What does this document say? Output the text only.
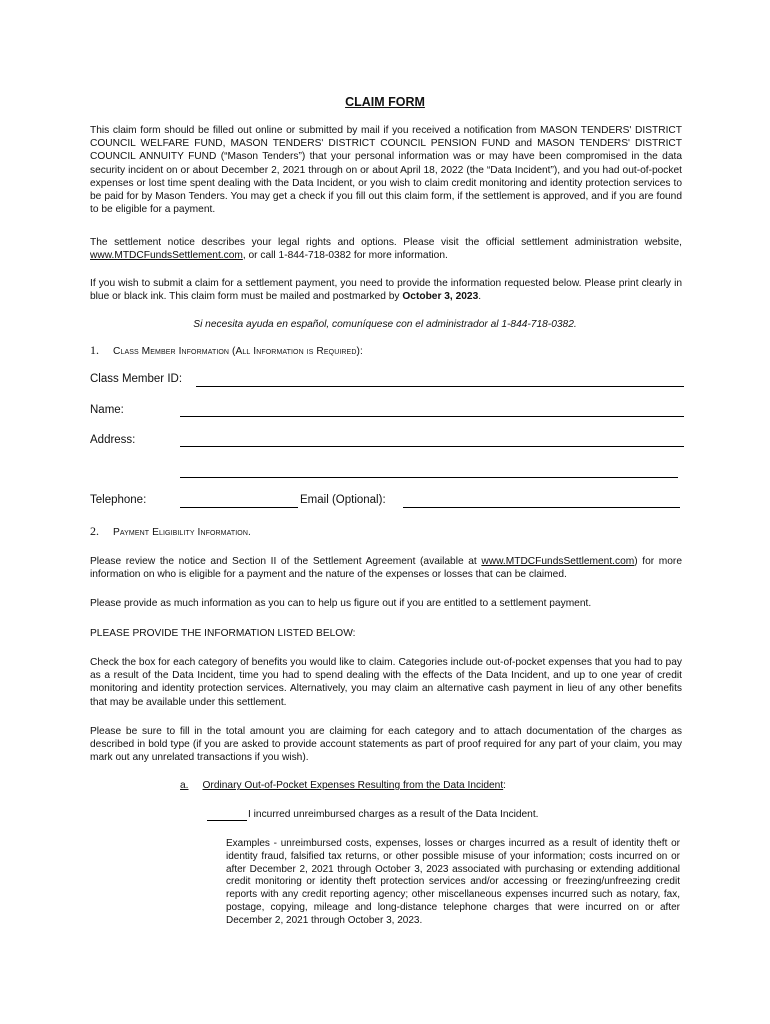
CLAIM FORM
This claim form should be filled out online or submitted by mail if you received a notification from MASON TENDERS' DISTRICT COUNCIL WELFARE FUND, MASON TENDERS' DISTRICT COUNCIL PENSION FUND and MASON TENDERS' DISTRICT COUNCIL ANNUITY FUND (“Mason Tenders”) that your personal information was or may have been compromised in the data security incident on or about December 2, 2021 through on or about April 18, 2022 (the “Data Incident”), and you had out-of-pocket expenses or lost time spent dealing with the Data Incident, or you wish to claim credit monitoring and identity protection services to be paid for by Mason Tenders. You may get a check if you fill out this claim form, if the settlement is approved, and if you are found to be eligible for a payment.
The settlement notice describes your legal rights and options. Please visit the official settlement administration website, www.MTDCFundsSettlement.com, or call 1-844-718-0382 for more information.
If you wish to submit a claim for a settlement payment, you need to provide the information requested below. Please print clearly in blue or black ink. This claim form must be mailed and postmarked by October 3, 2023.
Si necesita ayuda en español, comuníquese con el administrador al 1-844-718-0382.
1. Class Member Information (All Information is Required):
Class Member ID:
Name:
Address:
Telephone:	Email (Optional):
2. Payment Eligibility Information.
Please review the notice and Section II of the Settlement Agreement (available at www.MTDCFundsSettlement.com) for more information on who is eligible for a payment and the nature of the expenses or losses that can be claimed.
Please provide as much information as you can to help us figure out if you are entitled to a settlement payment.
PLEASE PROVIDE THE INFORMATION LISTED BELOW:
Check the box for each category of benefits you would like to claim. Categories include out-of-pocket expenses that you had to pay as a result of the Data Incident, time you had to spend dealing with the effects of the Data Incident, and up to one year of credit monitoring and identity protection services. Alternatively, you may claim an alternative cash payment in lieu of any other benefits that may be available under this settlement.
Please be sure to fill in the total amount you are claiming for each category and to attach documentation of the charges as described in bold type (if you are asked to provide account statements as part of proof required for any part of your claim, you may mark out any unrelated transactions if you wish).
a. Ordinary Out-of-Pocket Expenses Resulting from the Data Incident:
I incurred unreimbursed charges as a result of the Data Incident.
Examples - unreimbursed costs, expenses, losses or charges incurred as a result of identity theft or identity fraud, falsified tax returns, or other possible misuse of your information; costs incurred on or after December 2, 2021 through October 3, 2023 associated with purchasing or extending additional credit monitoring or identity theft protection services and/or accessing or freezing/unfreezing credit reports with any credit reporting agency; other miscellaneous expenses incurred such as notary, fax, postage, copying, mileage and long-distance telephone charges that were incurred on or after December 2, 2021 through October 3, 2023.
